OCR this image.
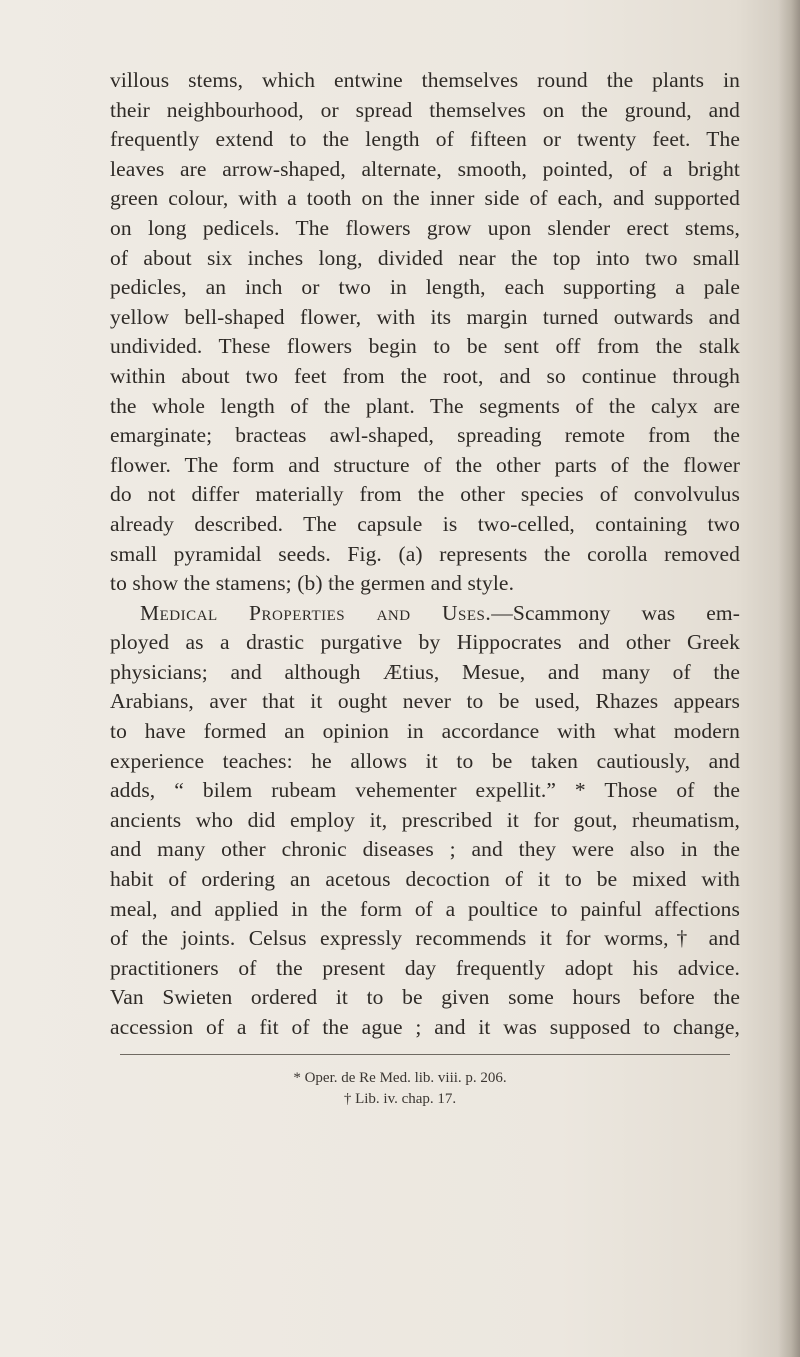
villous stems, which entwine themselves round the plants in
their neighbourhood, or spread themselves on the ground, and
frequently extend to the length of fifteen or twenty feet. The
leaves are arrow-shaped, alternate, smooth, pointed, of a bright
green colour, with a tooth on the inner side of each, and supported
on long pedicels. The flowers grow upon slender erect stems,
of about six inches long, divided near the top into two small
pedicles, an inch or two in length, each supporting a pale
yellow bell-shaped flower, with its margin turned outwards and
undivided. These flowers begin to be sent off from the stalk
within about two feet from the root, and so continue through
the whole length of the plant. The segments of the calyx are
emarginate; bracteas awl-shaped, spreading remote from the
flower. The form and structure of the other parts of the flower
do not differ materially from the other species of convolvulus
already described. The capsule is two-celled, containing two
small pyramidal seeds. Fig. (a) represents the corolla removed
to show the stamens; (b) the germen and style.
Medical Properties and Uses.—Scammony was em-
ployed as a drastic purgative by Hippocrates and other Greek
physicians; and although Ætius, Mesue, and many of the
Arabians, aver that it ought never to be used, Rhazes appears
to have formed an opinion in accordance with what modern
experience teaches: he allows it to be taken cautiously, and
adds, “ bilem rubeam vehementer expellit.” * Those of the
ancients who did employ it, prescribed it for gout, rheumatism,
and many other chronic diseases ; and they were also in the
habit of ordering an acetous decoction of it to be mixed with
meal, and applied in the form of a poultice to painful affections
of the joints. Celsus expressly recommends it for worms,† and
practitioners of the present day frequently adopt his advice.
Van Swieten ordered it to be given some hours before the
accession of a fit of the ague ; and it was supposed to change,
* Oper. de Re Med. lib. viii. p. 206.
† Lib. iv. chap. 17.
